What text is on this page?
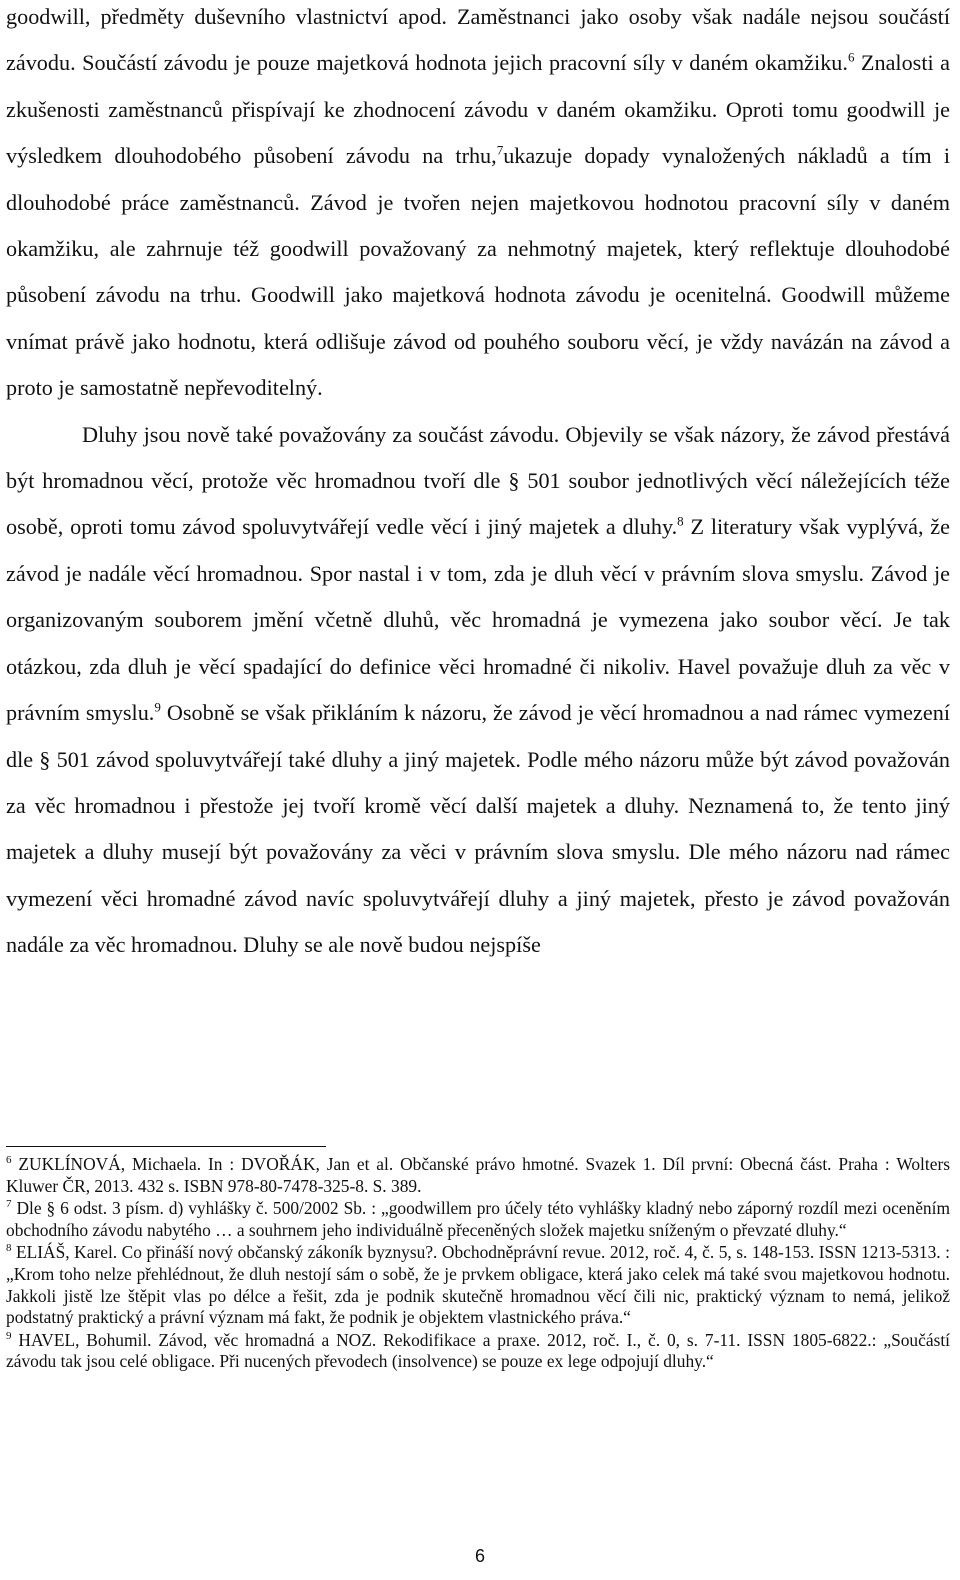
goodwill, předměty duševního vlastnictví apod. Zaměstnanci jako osoby však nadále nejsou součástí závodu. Součástí závodu je pouze majetková hodnota jejich pracovní síly v daném okamžiku.$^6$ Znalosti a zkušenosti zaměstnanců přispívají ke zhodnocení závodu v daném okamžiku. Oproti tomu goodwill je výsledkem dlouhodobého působení závodu na trhu,$^7$ukazuje dopady vynaložených nákladů a tím i dlouhodobé práce zaměstnanců. Závod je tvořen nejen majetkovou hodnotou pracovní síly v daném okamžiku, ale zahrnuje též goodwill považovaný za nehmotný majetek, který reflektuje dlouhodobé působení závodu na trhu. Goodwill jako majetková hodnota závodu je ocenitelná. Goodwill můžeme vnímat právě jako hodnotu, která odlišuje závod od pouhého souboru věcí, je vždy navázán na závod a proto je samostatně nepřevoditelný.

Dluhy jsou nově také považovány za součást závodu. Objevily se však názory, že závod přestává být hromadnou věcí, protože věc hromadnou tvoří dle § 501 soubor jednotlivých věcí náležejících téže osobě, oproti tomu závod spoluvytvářejí vedle věcí i jiný majetek a dluhy.$^8$ Z literatury však vyplývá, že závod je nadále věcí hromadnou. Spor nastal i v tom, zda je dluh věcí v právním slova smyslu. Závod je organizovaným souborem jmění včetně dluhů, věc hromadná je vymezena jako soubor věcí. Je tak otázkou, zda dluh je věcí spadající do definice věci hromadné či nikoliv. Havel považuje dluh za věc v právním smyslu.$^9$ Osobně se však přikláním k názoru, že závod je věcí hromadnou a nad rámec vymezení dle § 501 závod spoluvytvářejí také dluhy a jiný majetek. Podle mého názoru může být závod považován za věc hromadnou i přestože jej tvoří kromě věcí další majetek a dluhy. Neznamená to, že tento jiný majetek a dluhy musejí být považovány za věci v právním slova smyslu. Dle mého názoru nad rámec vymezení věci hromadné závod navíc spoluvytvářejí dluhy a jiný majetek, přesto je závod považován nadále za věc hromadnou. Dluhy se ale nově budou nejspíše

$^6$ ZUKLÍNOVÁ, Michaela. In : DVOŘÁK, Jan et al. Občanské právo hmotné. Svazek 1. Díl první: Obecná část. Praha : Wolters Kluwer ČR, 2013. 432 s. ISBN 978-80-7478-325-8. S. 389.

$^7$ Dle § 6 odst. 3 písm. d) vyhlášky č. 500/2002 Sb. : „goodwillem pro účely této vyhlášky kladný nebo záporný rozdíl mezi oceněním obchodního závodu nabytého … a souhrnem jeho individuálně přeceněných složek majetku sníženým o převzaté dluhy.“

$^8$ ELIÁŠ, Karel. Co přináší nový občanský zákoník byznysu?. Obchodněprávní revue. 2012, roč. 4, č. 5, s. 148-153. ISSN 1213-5313. :„Krom toho nelze přehlédnout, že dluh nestojí sám o sobě, že je prvkem obligace, která jako celek má také svou majetkovou hodnotu. Jakkoli jistě lze štěpit vlas po délce a řešit, zda je podnik skutečně hromadnou věcí čili nic, praktický význam to nemá, jelikož podstatný praktický a právní význam má fakt, že podnik je objektem vlastnického práva.“

$^9$ HAVEL, Bohumil. Závod, věc hromadná a NOZ. Rekodifikace a praxe. 2012, roč. I., č. 0, s. 7-11. ISSN 1805-6822.: „Součástí závodu tak jsou celé obligace. Při nucených převodech (insolvence) se pouze ex lege odpojují dluhy.“

6
